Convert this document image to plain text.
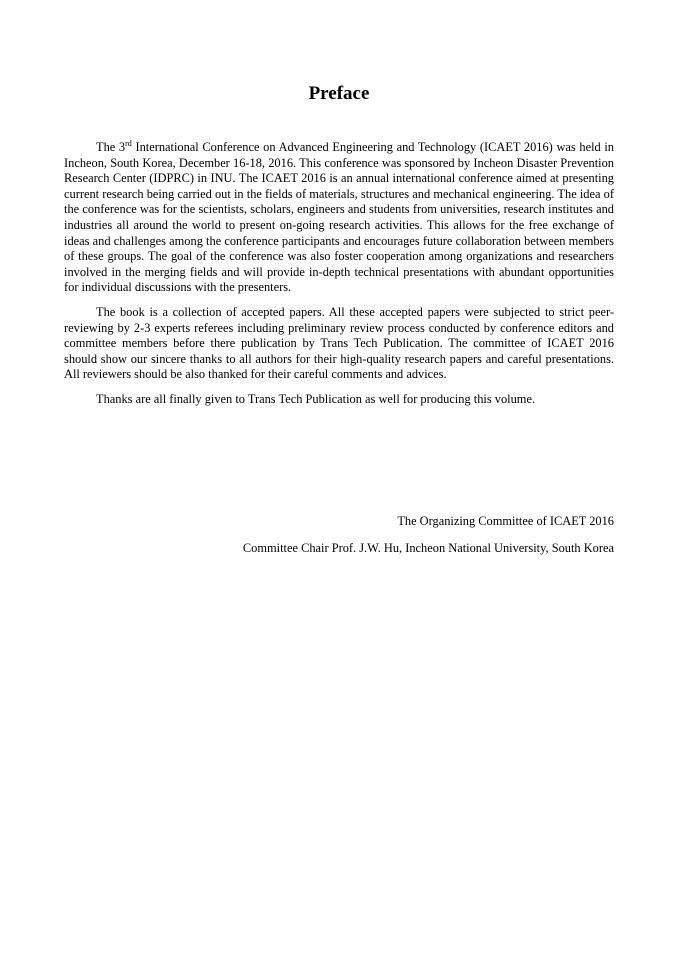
Preface

The 3rd International Conference on Advanced Engineering and Technology (ICAET 2016) was held in Incheon, South Korea, December 16-18, 2016. This conference was sponsored by Incheon Disaster Prevention Research Center (IDPRC) in INU. The ICAET 2016 is an annual international conference aimed at presenting current research being carried out in the fields of materials, structures and mechanical engineering. The idea of the conference was for the scientists, scholars, engineers and students from universities, research institutes and industries all around the world to present on-going research activities. This allows for the free exchange of ideas and challenges among the conference participants and encourages future collaboration between members of these groups. The goal of the conference was also foster cooperation among organizations and researchers involved in the merging fields and will provide in-depth technical presentations with abundant opportunities for individual discussions with the presenters.

The book is a collection of accepted papers. All these accepted papers were subjected to strict peer-reviewing by 2-3 experts referees including preliminary review process conducted by conference editors and committee members before there publication by Trans Tech Publication. The committee of ICAET 2016 should show our sincere thanks to all authors for their high-quality research papers and careful presentations. All reviewers should be also thanked for their careful comments and advices.

Thanks are all finally given to Trans Tech Publication as well for producing this volume.

The Organizing Committee of ICAET 2016
Committee Chair Prof. J.W. Hu, Incheon National University, South Korea
